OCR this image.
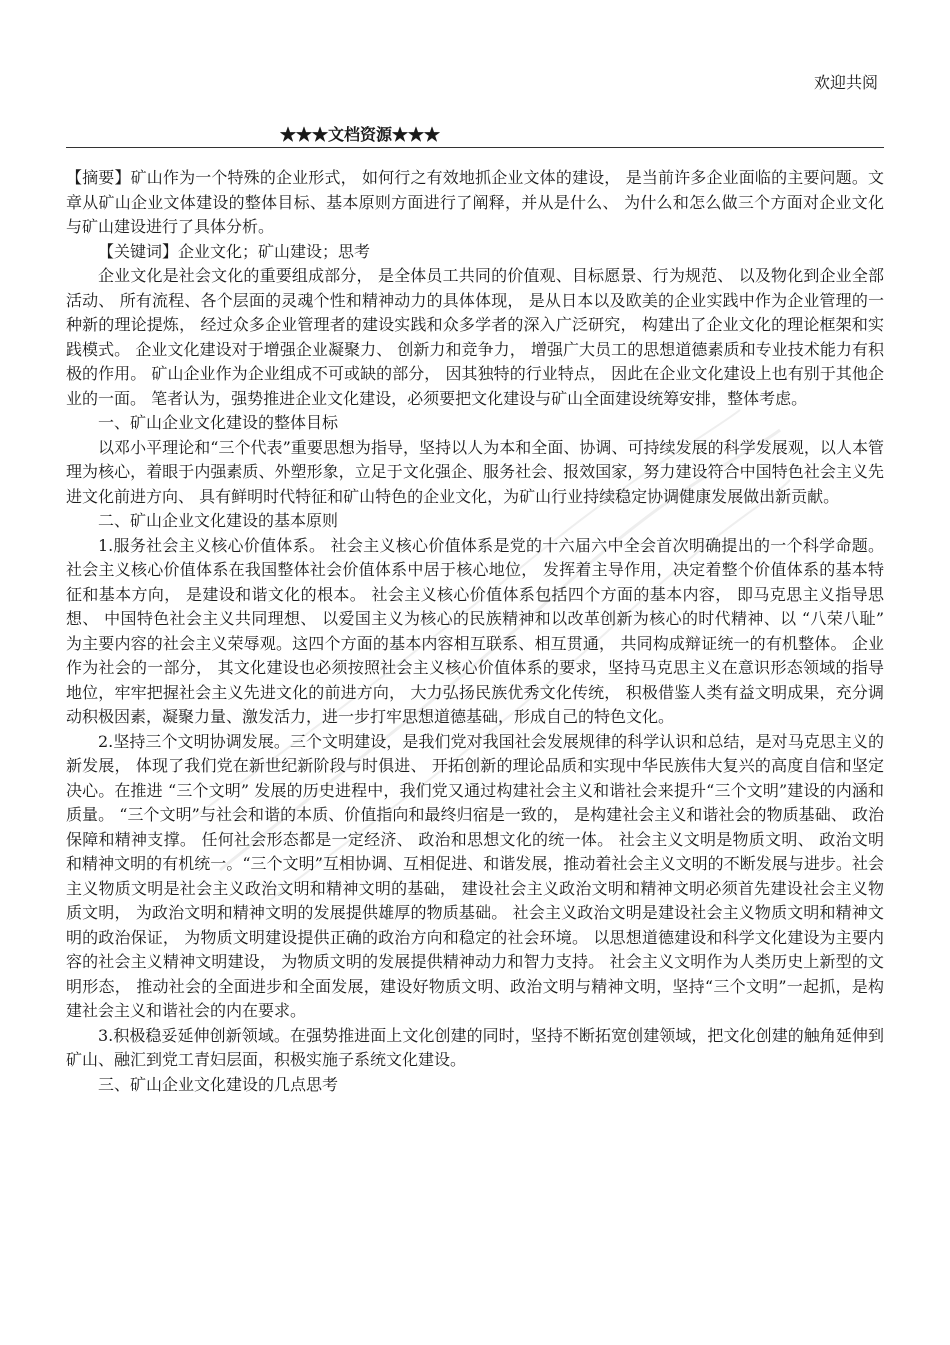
欢迎共阅
★★★文档资源★★★

【摘要】矿山作为一个特殊的企业形式， 如何行之有效地抓企业文体的建设， 是当前许多企业面临的主要问题。文章从矿山企业文体建设的整体目标、基本原则方面进行了阐释，并从是什么、 为什么和怎么做三个方面对企业文化与矿山建设进行了具体分析。

【关键词】企业文化；矿山建设；思考

企业文化是社会文化的重要组成部分， 是全体员工共同的价值观、目标愿景、行为规范、 以及物化到企业全部活动、 所有流程、各个层面的灵魂个性和精神动力的具体体现， 是从日本以及欧美的企业实践中作为企业管理的一种新的理论提炼， 经过众多企业管理者的建设实践和众多学者的深入广泛研究， 构建出了企业文化的理论框架和实践模式。 企业文化建设对于增强企业凝聚力、 创新力和竞争力， 增强广大员工的思想道德素质和专业技术能力有积极的作用。 矿山企业作为企业组成不可或缺的部分， 因其独特的行业特点， 因此在企业文化建设上也有别于其他企业的一面。 笔者认为，强势推进企业文化建设，必须要把文化建设与矿山全面建设统筹安排，整体考虑。

一、矿山企业文化建设的整体目标

以邓小平理论和“三个代表”重要思想为指导，坚持以人为本和全面、协调、可持续发展的科学发展观，以人本管理为核心，着眼于内强素质、外塑形象，立足于文化强企、服务社会、报效国家，努力建设符合中国特色社会主义先进文化前进方向、 具有鲜明时代特征和矿山特色的企业文化，为矿山行业持续稳定协调健康发展做出新贡献。

二、矿山企业文化建设的基本原则

1.服务社会主义核心价值体系。 社会主义核心价值体系是党的十六届六中全会首次明确提出的一个科学命题。社会主义核心价值体系在我国整体社会价值体系中居于核心地位， 发挥着主导作用，决定着整个价值体系的基本特征和基本方向， 是建设和谐文化的根本。 社会主义核心价值体系包括四个方面的基本内容， 即马克思主义指导思想、 中国特色社会主义共同理想、 以爱国主义为核心的民族精神和以改革创新为核心的时代精神、以 “八荣八耻” 为主要内容的社会主义荣辱观。这四个方面的基本内容相互联系、相互贯通， 共同构成辩证统一的有机整体。 企业作为社会的一部分， 其文化建设也必须按照社会主义核心价值体系的要求，坚持马克思主义在意识形态领域的指导地位，牢牢把握社会主义先进文化的前进方向， 大力弘扬民族优秀文化传统， 积极借鉴人类有益文明成果，充分调动积极因素，凝聚力量、激发活力，进一步打牢思想道德基础，形成自己的特色文化。

2.坚持三个文明协调发展。三个文明建设，是我们党对我国社会发展规律的科学认识和总结，是对马克思主义的新发展， 体现了我们党在新世纪新阶段与时俱进、 开拓创新的理论品质和实现中华民族伟大复兴的高度自信和坚定决心。在推进 “三个文明” 发展的历史进程中，我们党又通过构建社会主义和谐社会来提升“三个文明”建设的内涵和质量。 “三个文明”与社会和谐的本质、价值指向和最终归宿是一致的， 是构建社会主义和谐社会的物质基础、 政治保障和精神支撑。 任何社会形态都是一定经济、 政治和思想文化的统一体。 社会主义文明是物质文明、 政治文明和精神文明的有机统一。“三个文明”互相协调、互相促进、和谐发展，推动着社会主义文明的不断发展与进步。社会主义物质文明是社会主义政治文明和精神文明的基础， 建设社会主义政治文明和精神文明必须首先建设社会主义物质文明， 为政治文明和精神文明的发展提供雄厚的物质基础。 社会主义政治文明是建设社会主义物质文明和精神文明的政治保证， 为物质文明建设提供正确的政治方向和稳定的社会环境。 以思想道德建设和科学文化建设为主要内容的社会主义精神文明建设， 为物质文明的发展提供精神动力和智力支持。 社会主义文明作为人类历史上新型的文明形态， 推动社会的全面进步和全面发展，建设好物质文明、政治文明与精神文明，坚持“三个文明”一起抓，是构建社会主义和谐社会的内在要求。

3.积极稳妥延伸创新领域。在强势推进面上文化创建的同时，坚持不断拓宽创建领域，把文化创建的触角延伸到矿山、融汇到党工青妇层面，积极实施子系统文化建设。

三、矿山企业文化建设的几点思考
